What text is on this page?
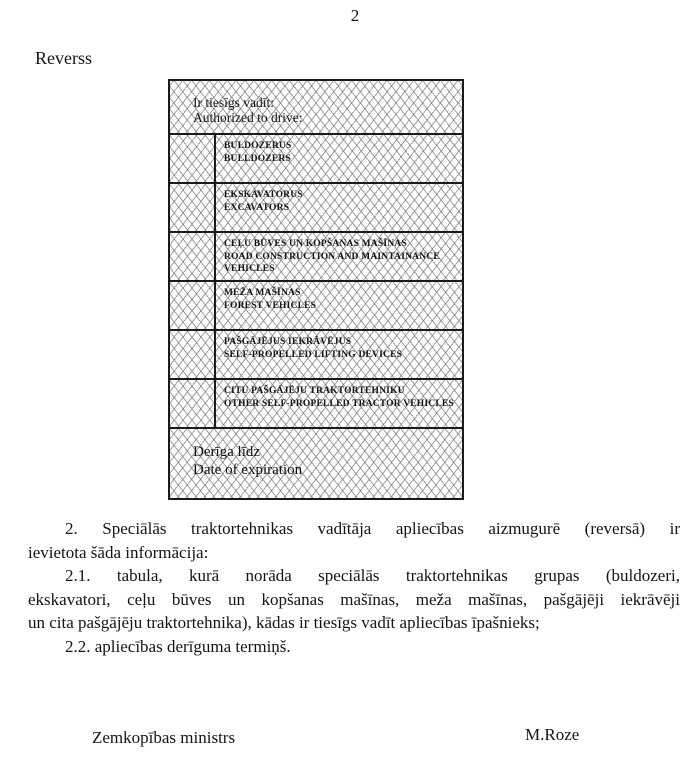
2
Reverss
Ir tiesīgs vadīt:
Authorized to drive:
BULDOZERUS
BULLDOZERS
EKSKAVATORUS
EXCAVATORS
CEĻU BŪVES UN KOPŠANAS MAŠĪNAS
ROAD CONSTRUCTION AND MAINTAINANCE VEHICLES
MEŽA MAŠĪNAS
FOREST VEHICLES
PAŠGĀJĒJUS IEKRĀVĒJUS
SELF-PROPELLED LIFTING DEVICES
CITU PAŠGĀJĒJU TRAKTORTEHNIKU
OTHER SELF-PROPELLED TRACTOR VEHICLES
Derīga līdz
Date of expiration
2. Speciālās traktortehnikas vadītāja apliecības aizmugurē (reversā) ir
ievietota šāda informācija:
2.1. tabula, kurā norāda speciālās traktortehnikas grupas (buldozeri,
ekskavatori, ceļu būves un kopšanas mašīnas, meža mašīnas, pašgājēji iekrāvēji
un cita pašgājēju traktortehnika), kādas ir tiesīgs vadīt apliecības īpašnieks;
2.2. apliecības derīguma termiņš.
Zemkopības ministrs	M.Roze
